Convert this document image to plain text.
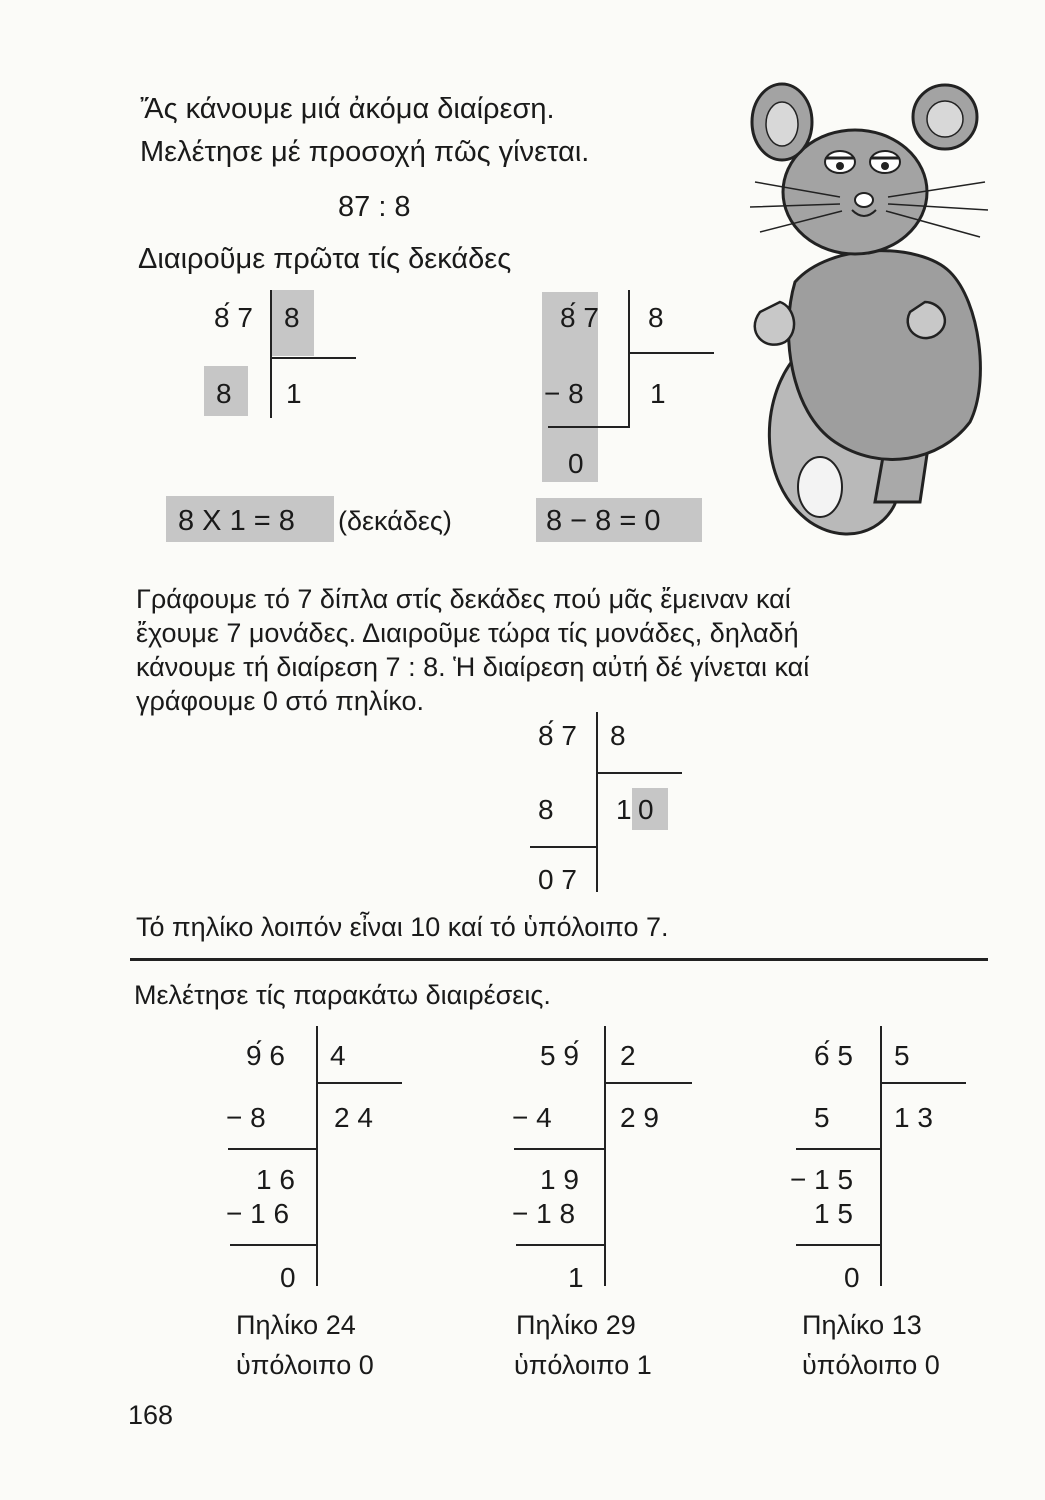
Ἄς κάνουμε μιά ἀκόμα διαίρεση.
Μελέτησε μέ προσοχή πῶς γίνεται.
87 : 8
Διαιροῦμε πρῶτα τίς δεκάδες
8́ 7 8
8 1
8 X 1 = 8 (δεκάδες)
8́ 7 8
− 8 1
0
8 − 8 = 0
Γράφουμε τό 7 δίπλα στίς δεκάδες πού μᾶς ἔμειναν καί
ἔχουμε 7 μονάδες. Διαιροῦμε τώρα τίς μονάδες, δηλαδή
κάνουμε τή διαίρεση 7 : 8. Ἡ διαίρεση αὐτή δέ γίνεται καί
γράφουμε 0 στό πηλίκο.
8́ 7 8
8 1 0
0 7
Τό πηλίκο λοιπόν εἶναι 10 καί τό ὑπόλοιπο 7.
Μελέτησε τίς παρακάτω διαιρέσεις.
9́ 6 4
− 8 2 4
1 6
− 1 6
0
Πηλίκο 24
ὑπόλοιπο 0
5 9́ 2
− 4 2 9
1 9
− 1 8
1
Πηλίκο 29
ὑπόλοιπο 1
6́ 5 5
5 1 3
− 1 5
1 5
0
Πηλίκο 13
ὑπόλοιπο 0
168
